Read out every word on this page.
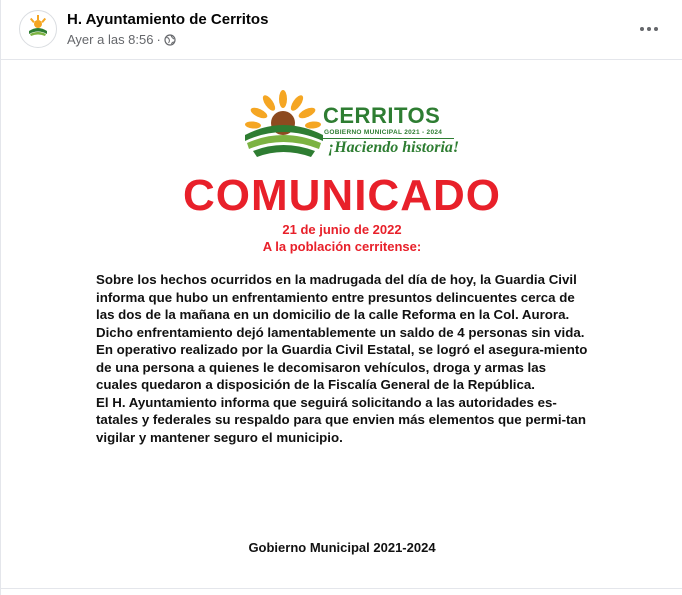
H. Ayuntamiento de Cerritos
Ayer a las 8:56 ·
CERRITOS
GOBIERNO MUNICIPAL 2021 - 2024
¡Haciendo historia!
COMUNICADO
21 de junio de 2022
A la población cerritense:

Sobre los hechos ocurridos en la madrugada del día de hoy, la Guardia Civil informa que hubo un enfrentamiento entre presuntos delincuentes cerca de las dos de la mañana en un domicilio de la calle Reforma en la Col. Aurora.

Dicho enfrentamiento dejó lamentablemente un saldo de 4 personas sin vida.

En operativo realizado por la Guardia Civil Estatal, se logró el asegura-miento de una persona a quienes le decomisaron vehículos, droga y armas las cuales quedaron a disposición de la Fiscalía General de la República.

El H. Ayuntamiento informa que seguirá solicitando a las autoridades es-tatales y federales su respaldo para que envien más elementos que permi-tan vigilar y mantener seguro el municipio.

Gobierno Municipal 2021-2024
